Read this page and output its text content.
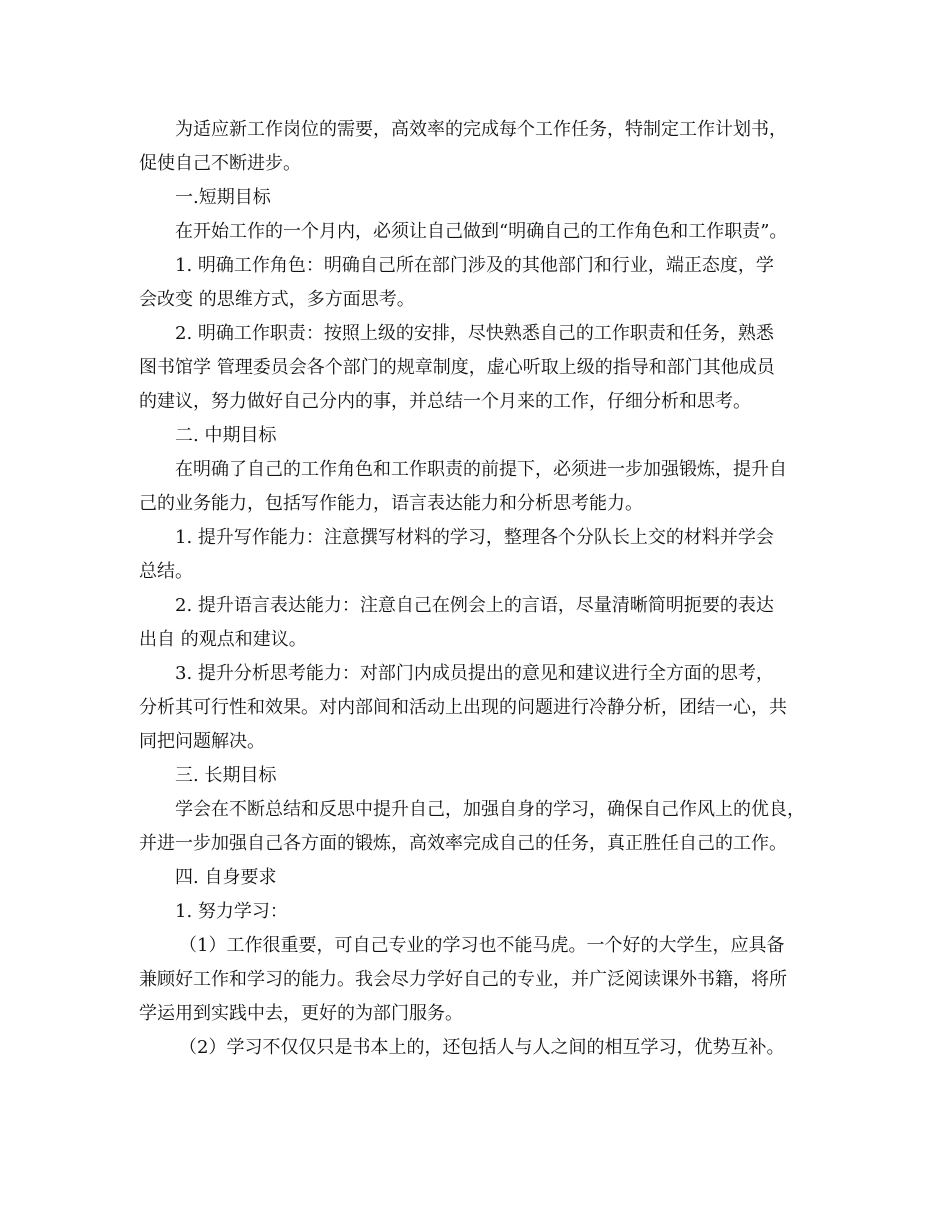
为适应新工作岗位的需要，高效率的完成每个工作任务，特制定工作计划书，
促使自己不断进步。
一.短期目标
在开始工作的一个月内，必须让自己做到“明确自己的工作角色和工作职责”。
1. 明确工作角色：明确自己所在部门涉及的其他部门和行业，端正态度，学
会改变 的思维方式，多方面思考。
2. 明确工作职责：按照上级的安排，尽快熟悉自己的工作职责和任务，熟悉
图书馆学 管理委员会各个部门的规章制度，虚心听取上级的指导和部门其他成员
的建议，努力做好自己分内的事，并总结一个月来的工作，仔细分析和思考。
二. 中期目标
在明确了自己的工作角色和工作职责的前提下，必须进一步加强锻炼，提升自
己的业务能力，包括写作能力，语言表达能力和分析思考能力。
1. 提升写作能力：注意撰写材料的学习，整理各个分队长上交的材料并学会
总结。
2. 提升语言表达能力：注意自己在例会上的言语，尽量清晰简明扼要的表达
出自 的观点和建议。
3. 提升分析思考能力：对部门内成员提出的意见和建议进行全方面的思考，
分析其可行性和效果。对内部间和活动上出现的问题进行冷静分析，团结一心，共
同把问题解决。
三. 长期目标
学会在不断总结和反思中提升自己，加强自身的学习，确保自己作风上的优良，
并进一步加强自己各方面的锻炼，高效率完成自己的任务，真正胜任自己的工作。
四. 自身要求
1. 努力学习：
（1）工作很重要，可自己专业的学习也不能马虎。一个好的大学生，应具备
兼顾好工作和学习的能力。我会尽力学好自己的专业，并广泛阅读课外书籍，将所
学运用到实践中去，更好的为部门服务。
（2）学习不仅仅只是书本上的，还包括人与人之间的相互学习，优势互补。
